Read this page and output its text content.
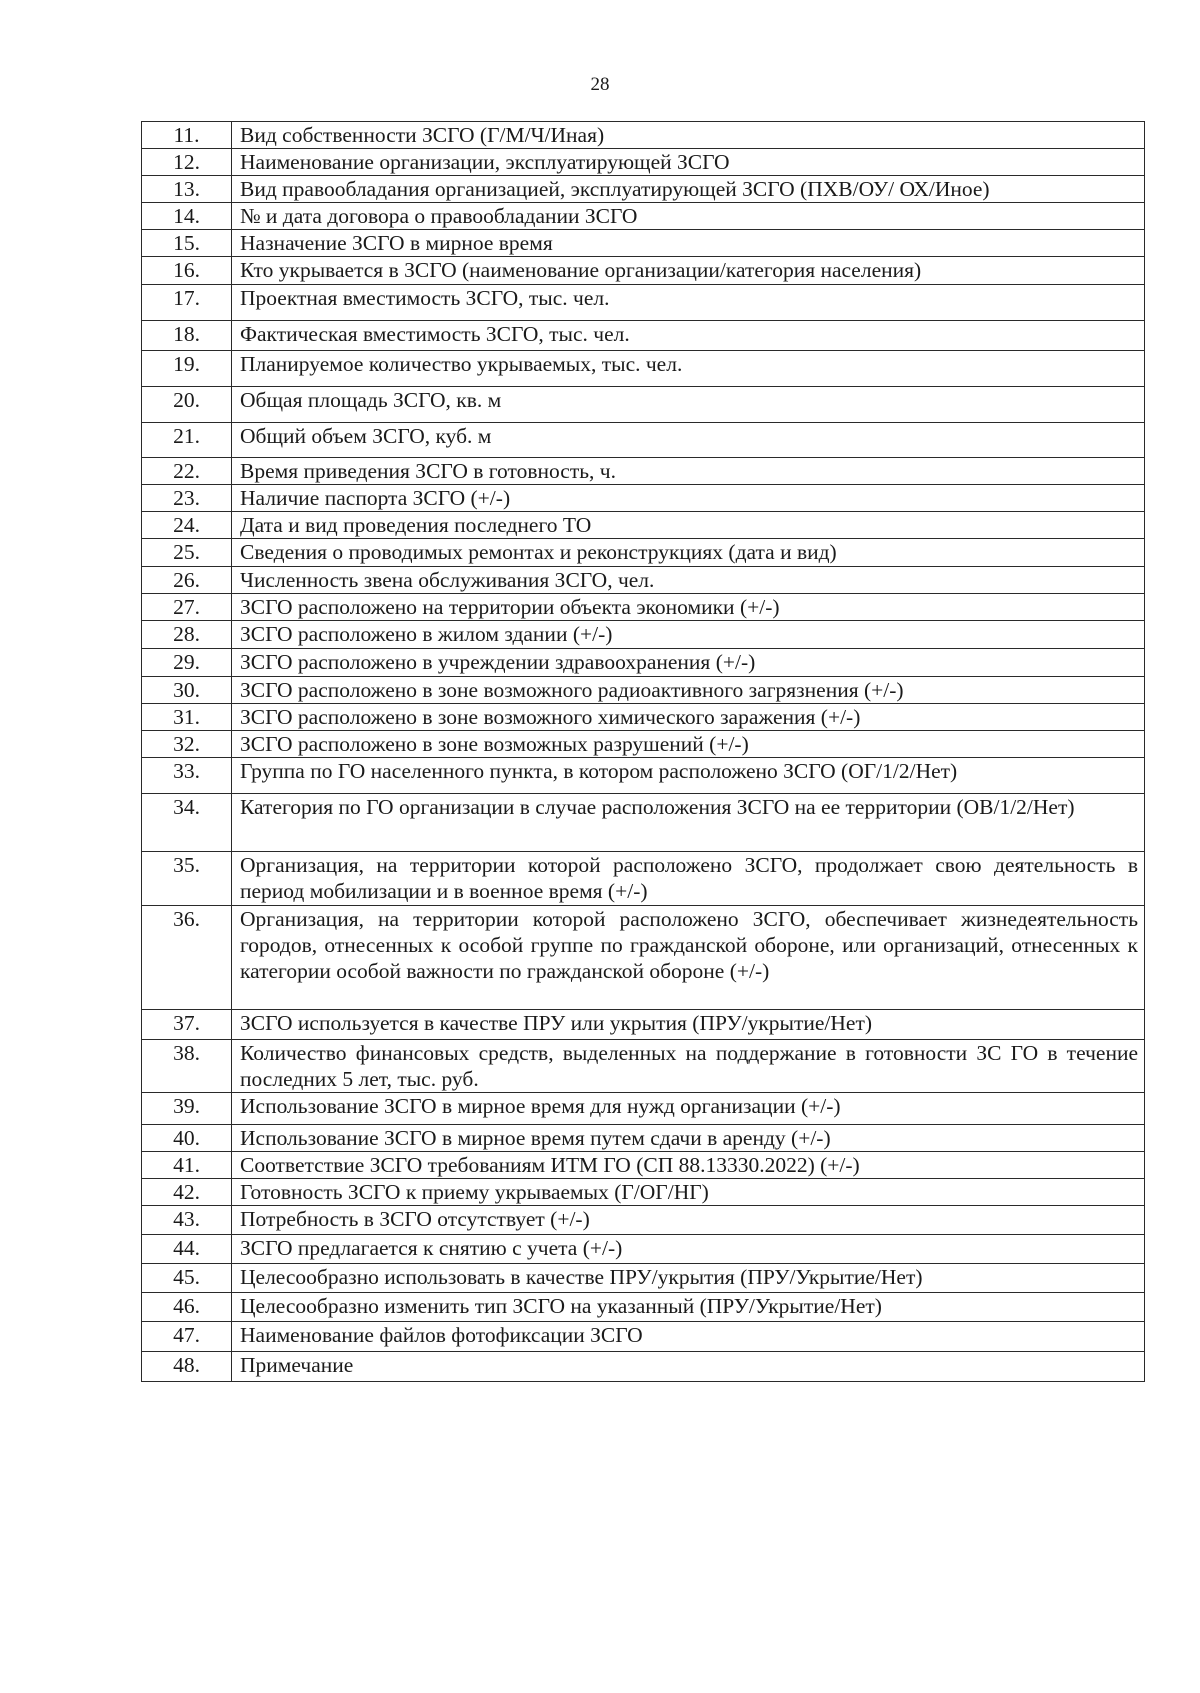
28
11.	Вид собственности ЗСГО (Г/М/Ч/Иная)
12.	Наименование организации, эксплуатирующей ЗСГО
13.	Вид правообладания организацией, эксплуатирующей ЗСГО (ПХВ/ОУ/ ОХ/Иное)
14.	№ и дата договора о правообладании ЗСГО
15.	Назначение ЗСГО в мирное время
16.	Кто укрывается в ЗСГО (наименование организации/категория населения)
17.	Проектная вместимость ЗСГО, тыс. чел.
18.	Фактическая вместимость ЗСГО, тыс. чел.
19.	Планируемое количество укрываемых, тыс. чел.
20.	Общая площадь ЗСГО, кв. м
21.	Общий объем ЗСГО, куб. м
22.	Время приведения ЗСГО в готовность, ч.
23.	Наличие паспорта ЗСГО (+/-)
24.	Дата и вид проведения последнего ТО
25.	Сведения о проводимых ремонтах и реконструкциях (дата и вид)
26.	Численность звена обслуживания ЗСГО, чел.
27.	ЗСГО расположено на территории объекта экономики (+/-)
28.	ЗСГО расположено в жилом здании (+/-)
29.	ЗСГО расположено в учреждении здравоохранения (+/-)
30.	ЗСГО расположено в зоне возможного радиоактивного загрязнения (+/-)
31.	ЗСГО расположено в зоне возможного химического заражения (+/-)
32.	ЗСГО расположено в зоне возможных разрушений (+/-)
33.	Группа по ГО населенного пункта, в котором расположено ЗСГО (ОГ/1/2/Нет)
34.	Категория по ГО организации в случае расположения ЗСГО на ее территории (ОВ/1/2/Нет)
35.	Организация, на территории которой расположено ЗСГО, продолжает свою деятельность в период мобилизации и в военное время (+/-)
36.	Организация, на территории которой расположено ЗСГО, обеспечивает жизнедеятельность городов, отнесенных к особой группе по гражданской обороне, или организаций, отнесенных к категории особой важности по гражданской обороне (+/-)
37.	ЗСГО используется в качестве ПРУ или укрытия (ПРУ/укрытие/Нет)
38.	Количество финансовых средств, выделенных на поддержание в готовности ЗС ГО в течение последних 5 лет, тыс. руб.
39.	Использование ЗСГО в мирное время для нужд организации (+/-)
40.	Использование ЗСГО в мирное время путем сдачи в аренду (+/-)
41.	Соответствие ЗСГО требованиям ИТМ ГО (СП 88.13330.2022) (+/-)
42.	Готовность ЗСГО к приему укрываемых (Г/ОГ/НГ)
43.	Потребность в ЗСГО отсутствует (+/-)
44.	ЗСГО предлагается к снятию с учета (+/-)
45.	Целесообразно использовать в качестве ПРУ/укрытия (ПРУ/Укрытие/Нет)
46.	Целесообразно изменить тип ЗСГО на указанный (ПРУ/Укрытие/Нет)
47.	Наименование файлов фотофиксации ЗСГО
48.	Примечание
